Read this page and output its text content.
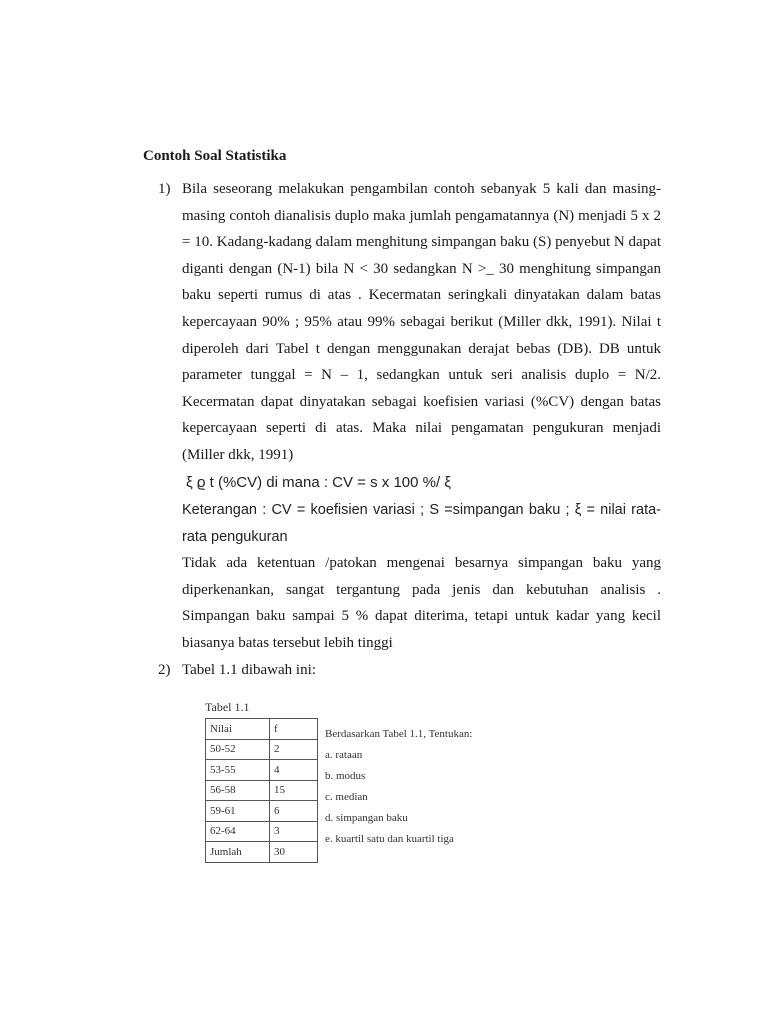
Contoh Soal Statistika
1) Bila seseorang melakukan pengambilan contoh sebanyak 5 kali dan masing-masing contoh dianalisis duplo maka jumlah pengamatannya (N) menjadi 5 x 2 = 10. Kadang-kadang dalam menghitung simpangan baku (S) penyebut N dapat diganti dengan (N-1) bila N < 30 sedangkan N >_ 30 menghitung simpangan baku seperti rumus di atas . Kecermatan seringkali dinyatakan dalam batas kepercayaan 90% ; 95% atau 99% sebagai berikut (Miller dkk, 1991). Nilai t diperoleh dari Tabel t dengan menggunakan derajat bebas (DB). DB untuk parameter tunggal = N – 1, sedangkan untuk seri analisis duplo = N/2. Kecermatan dapat dinyatakan sebagai koefisien variasi (%CV) dengan batas kepercayaan seperti di atas. Maka nilai pengamatan pengukuran menjadi (Miller dkk, 1991)

ξ ϱ t (%CV) di mana : CV = s x 100 %/ ξ

Keterangan : CV = koefisien variasi ; S =simpangan baku ; ξ = nilai rata-rata pengukuran

Tidak ada ketentuan /patokan mengenai besarnya simpangan baku yang diperkenankan, sangat tergantung pada jenis dan kebutuhan analisis . Simpangan baku sampai 5 % dapat diterima, tetapi untuk kadar yang kecil biasanya batas tersebut lebih tinggi

2) Tabel 1.1 dibawah ini:
Tabel 1.1
Nilai	f
50-52	2
53-55	4
56-58	15
59-61	6
62-64	3
Jumlah	30
Berdasarkan Tabel 1.1, Tentukan:
a. rataan
b. modus
c. median
d. simpangan baku
e. kuartil satu dan kuartil tiga
